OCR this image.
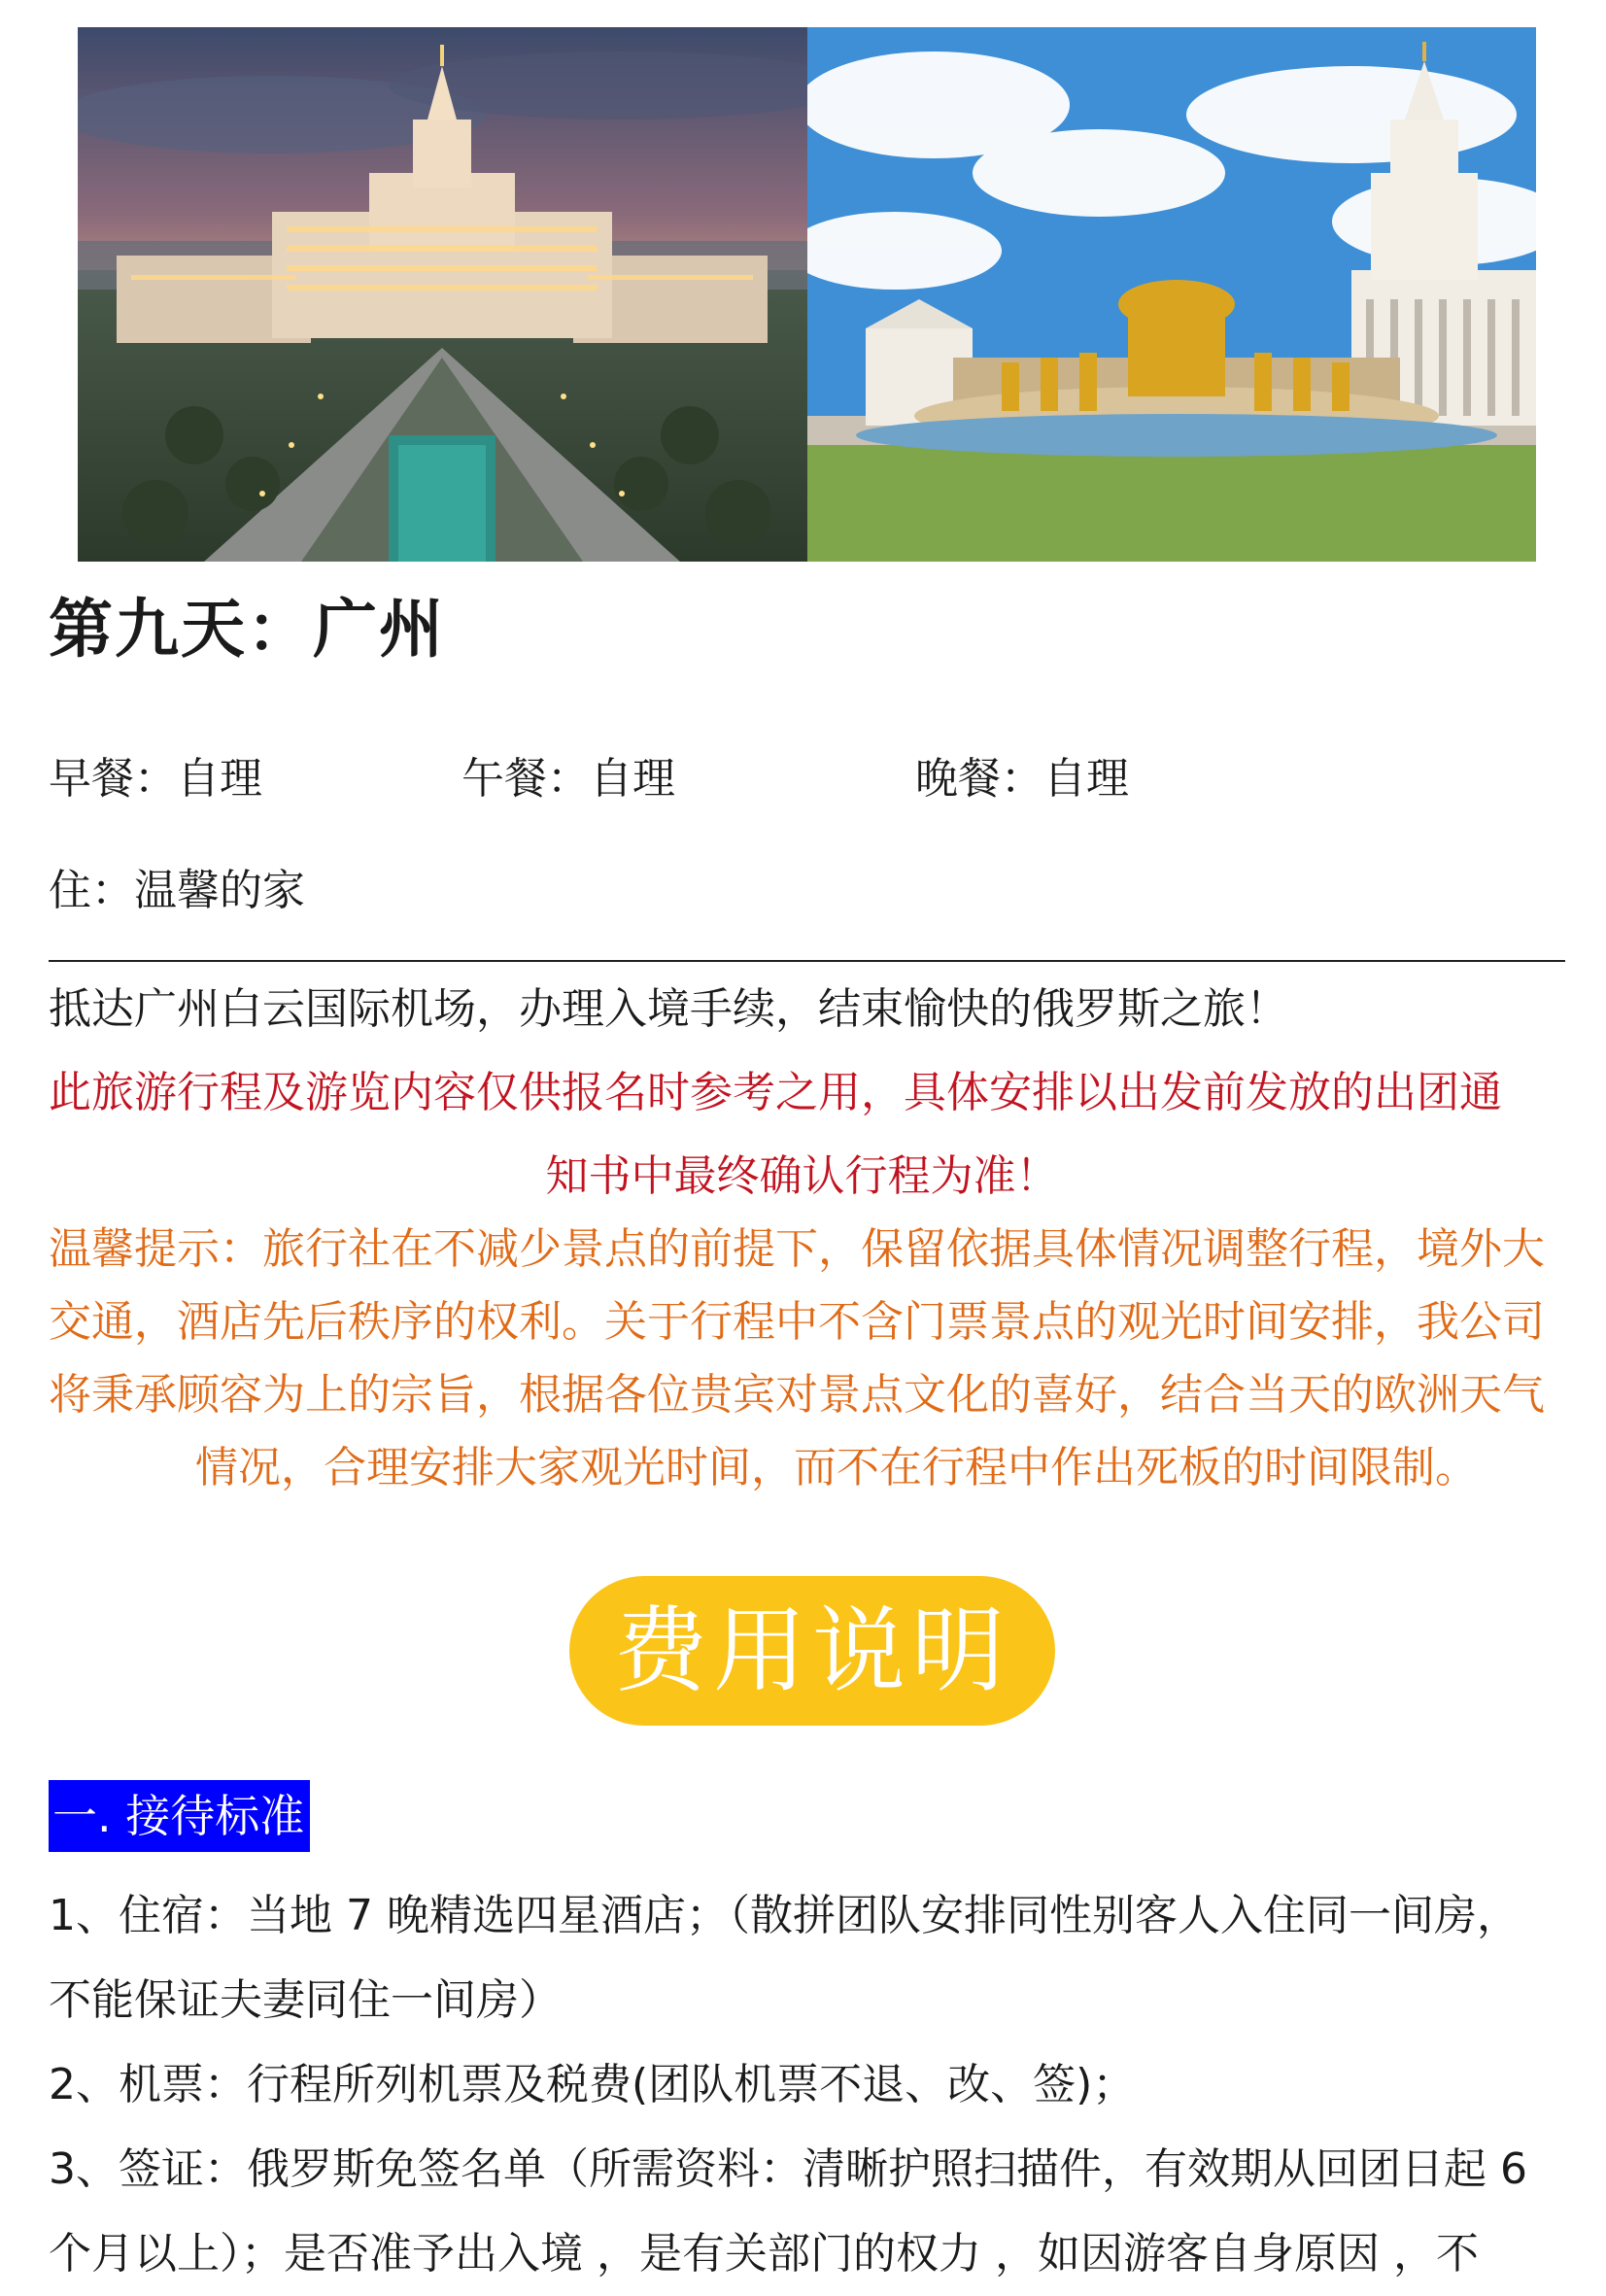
第九天：广州
早餐：自理	午餐：自理	晚餐：自理
住：温馨的家
抵达广州白云国际机场，办理入境手续，结束愉快的俄罗斯之旅！
此旅游行程及游览内容仅供报名时参考之用，具体安排以出发前发放的出团通
知书中最终确认行程为准！
温馨提示：旅行社在不减少景点的前提下，保留依据具体情况调整行程，境外大
交通，酒店先后秩序的权利。关于行程中不含门票景点的观光时间安排，我公司
将秉承顾容为上的宗旨，根据各位贵宾对景点文化的喜好，结合当天的欧洲天气
情况，合理安排大家观光时间，而不在行程中作出死板的时间限制。
费用说明
一. 接待标准
1、住宿：当地 7 晚精选四星酒店；（散拼团队安排同性别客人入住同一间房，
不能保证夫妻同住一间房）
2、机票：行程所列机票及税费(团队机票不退、改、签)；
3、签证：俄罗斯免签名单（所需资料：清晰护照扫描件，有效期从回团日起 6
个月以上）；是否准予出入境 ，是有关部门的权力 ，如因游客自身原因 ，不
